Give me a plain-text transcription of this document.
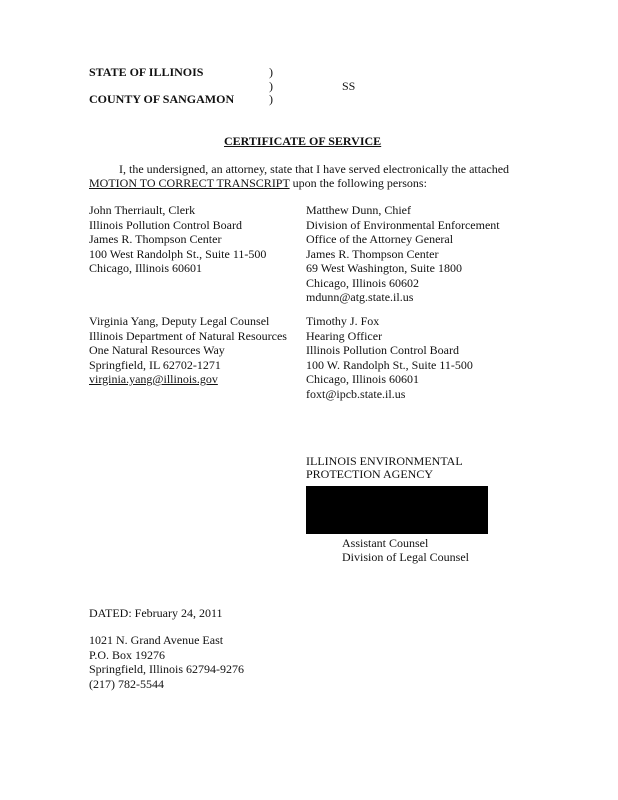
STATE OF ILLINOIS
COUNTY OF SANGAMON
)
)
)
SS
CERTIFICATE OF SERVICE
I, the undersigned, an attorney, state that I have served electronically the attached
MOTION TO CORRECT TRANSCRIPT upon the following persons:
John Therriault, Clerk
Illinois Pollution Control Board
James R. Thompson Center
100 West Randolph St., Suite 11-500
Chicago, Illinois 60601
Matthew Dunn, Chief
Division of Environmental Enforcement
Office of the Attorney General
James R. Thompson Center
69 West Washington, Suite 1800
Chicago, Illinois 60602
mdunn@atg.state.il.us
Virginia Yang, Deputy Legal Counsel
Illinois Department of Natural Resources
One Natural Resources Way
Springfield, IL 62702-1271
virginia.yang@illinois.gov
Timothy J. Fox
Hearing Officer
Illinois Pollution Control Board
100 W. Randolph St., Suite 11-500
Chicago, Illinois 60601
foxt@ipcb.state.il.us
ILLINOIS ENVIRONMENTAL
PROTECTION AGENCY
Assistant Counsel
Division of Legal Counsel
DATED: February 24, 2011
1021 N. Grand Avenue East
P.O. Box 19276
Springfield, Illinois 62794-9276
(217) 782-5544
